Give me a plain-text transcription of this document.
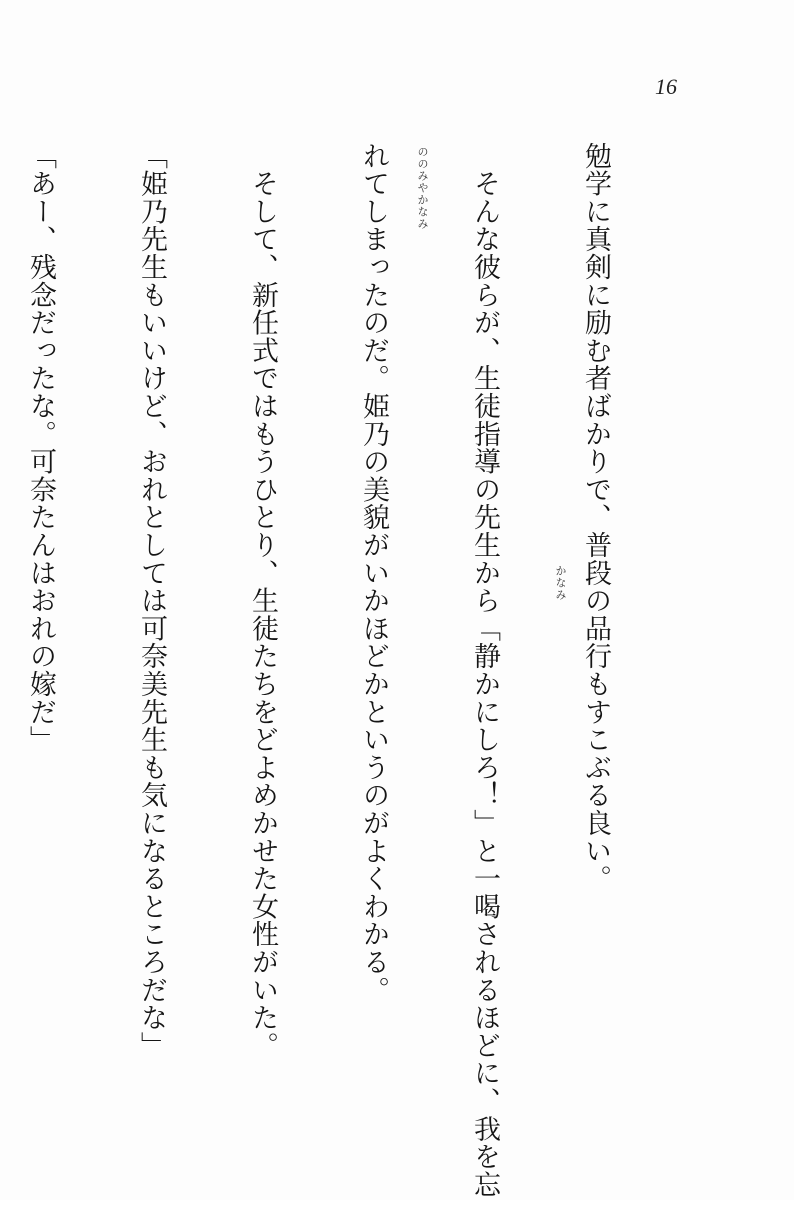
16

勉学に真剣に励む者ばかりで、普段の品行もすこぶる良い。

　そんな彼らが、生徒指導の先生から「静かにしろ！」と一喝されるほどに、我を忘

れてしまったのだ。姫乃の美貌がいかほどかというのがよくわかる。

　そして、新任式ではもうひとり、生徒たちをどよめかせた女性がいた。

「姫乃先生もいいけど、おれとしては可奈美先生も気になるところだな」

「あー、残念だったな。可奈たんはおれの嫁だ」

	かなみ
ののみやかなみ
